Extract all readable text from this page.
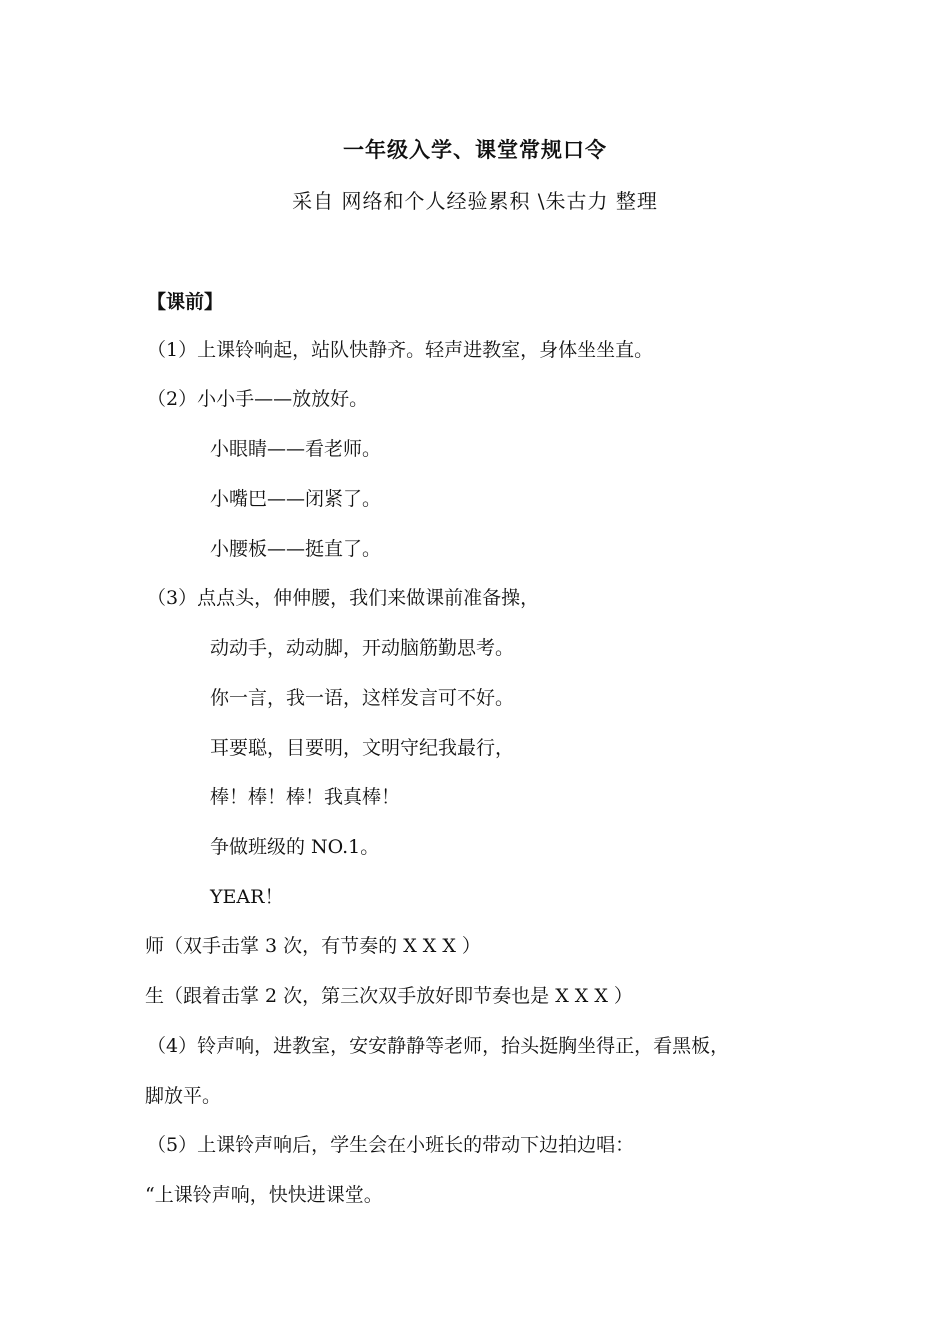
一年级入学、课堂常规口令
采自 网络和个人经验累积 \朱古力 整理
【课前】
（1）上课铃响起，站队快静齐。轻声进教室，身体坐坐直。
（2）小小手——放放好。
小眼睛——看老师。
小嘴巴——闭紧了。
小腰板——挺直了。
（3）点点头，伸伸腰，我们来做课前准备操，
动动手，动动脚，开动脑筋勤思考。
你一言，我一语，这样发言可不好。
耳要聪，目要明，文明守纪我最行，
棒！棒！棒！我真棒！
争做班级的 NO.1。
YEAR！
师（双手击掌 3 次，有节奏的 X X X ）
生（跟着击掌 2 次，第三次双手放好即节奏也是 X X X ）
（4）铃声响，进教室，安安静静等老师，抬头挺胸坐得正，看黑板，
脚放平。
（5）上课铃声响后，学生会在小班长的带动下边拍边唱：
“上课铃声响，快快进课堂。
